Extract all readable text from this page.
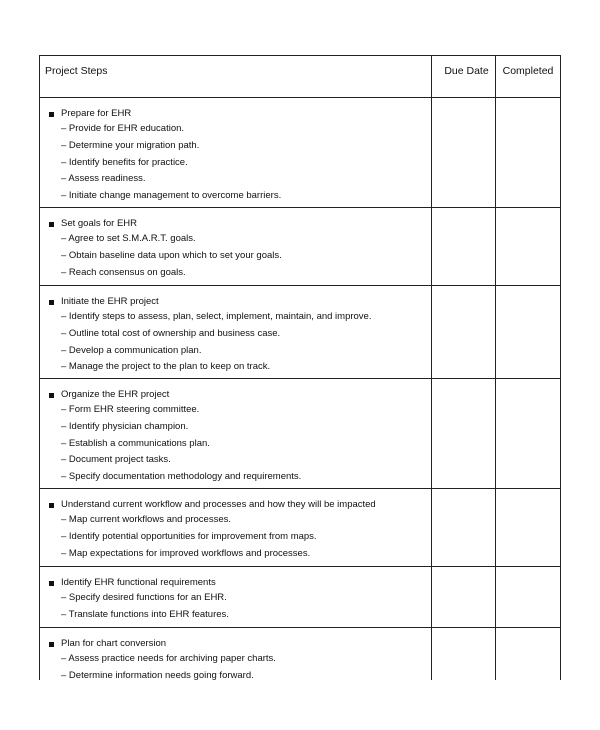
Project Steps	Due Date	Completed
Prepare for EHR
– Provide for EHR education.
– Determine your migration path.
– Identify benefits for practice.
– Assess readiness.
– Initiate change management to overcome barriers.
Set goals for EHR
– Agree to set S.M.A.R.T. goals.
– Obtain baseline data upon which to set your goals.
– Reach consensus on goals.
Initiate the EHR project
– Identify steps to assess, plan, select, implement, maintain, and improve.
– Outline total cost of ownership and business case.
– Develop a communication plan.
– Manage the project to the plan to keep on track.
Organize the EHR project
– Form EHR steering committee.
– Identify physician champion.
– Establish a communications plan.
– Document project tasks.
– Specify documentation methodology and requirements.
Understand current workflow and processes and how they will be impacted
– Map current workflows and processes.
– Identify potential opportunities for improvement from maps.
– Map expectations for improved workflows and processes.
Identify EHR functional requirements
– Specify desired functions for an EHR.
– Translate functions into EHR features.
Plan for chart conversion
– Assess practice needs for archiving paper charts.
– Determine information needs going forward.
